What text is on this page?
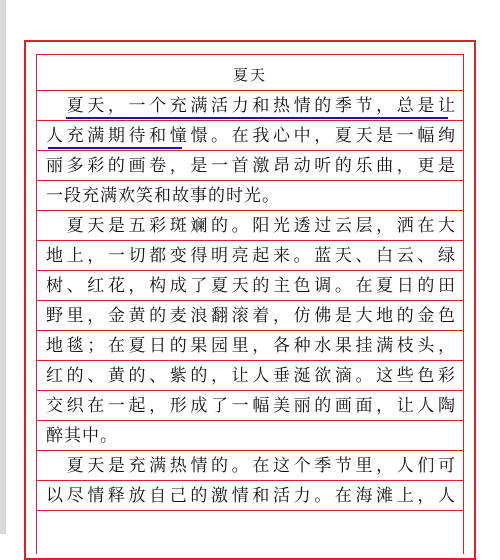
夏天
　夏天，一个充满活力和热情的季节，总是让
人充满期待和憧憬。在我心中，夏天是一幅绚
丽多彩的画卷，是一首激昂动听的乐曲，更是
一段充满欢笑和故事的时光。
　夏天是五彩斑斓的。阳光透过云层，洒在大
地上，一切都变得明亮起来。蓝天、白云、绿
树、红花，构成了夏天的主色调。在夏日的田
野里，金黄的麦浪翻滚着，仿佛是大地的金色
地毯；在夏日的果园里，各种水果挂满枝头，
红的、黄的、紫的，让人垂涎欲滴。这些色彩
交织在一起，形成了一幅美丽的画面，让人陶
醉其中。
　夏天是充满热情的。在这个季节里，人们可
以尽情释放自己的激情和活力。在海滩上，人
